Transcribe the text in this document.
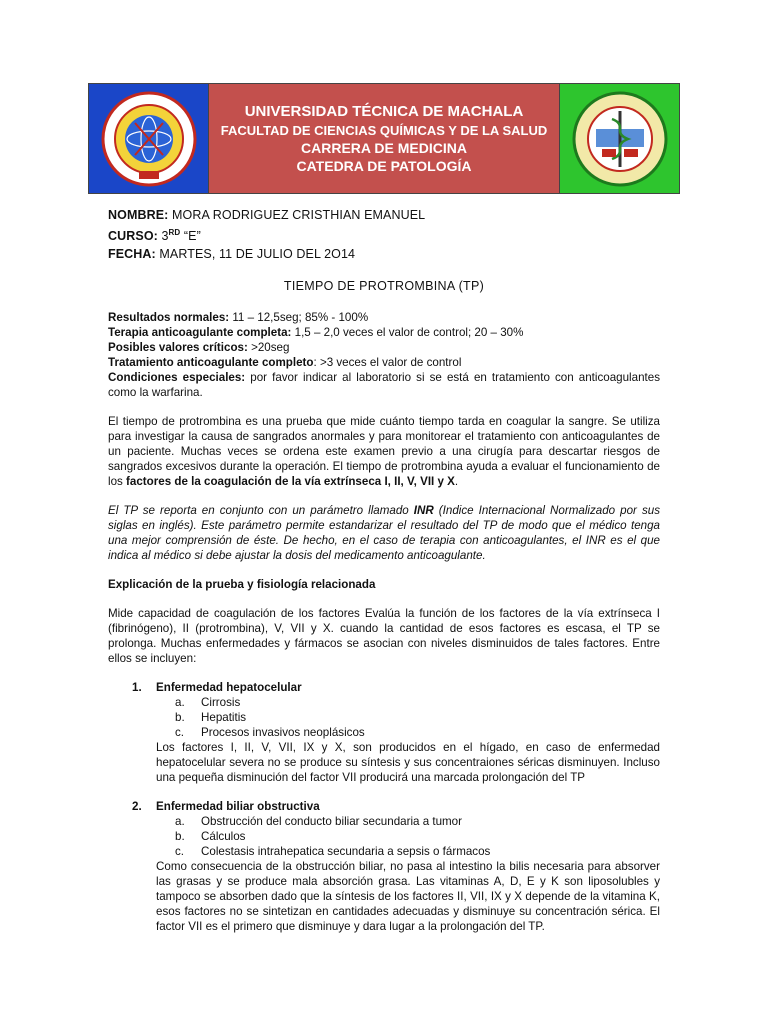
UNIVERSIDAD TÉCNICA DE MACHALA
FACULTAD DE CIENCIAS QUÍMICAS Y DE LA SALUD
CARRERA DE MEDICINA
CATEDRA DE PATOLOGÍA
NOMBRE: MORA RODRIGUEZ CRISTHIAN EMANUEL
CURSO: 3RD “E”
FECHA: MARTES, 11 DE JULIO DEL 2O14
TIEMPO DE PROTROMBINA (TP)

Resultados normales: 11 – 12,5seg; 85% - 100%

Terapia anticoagulante completa: 1,5 – 2,0 veces el valor de control; 20 – 30%

Posibles valores críticos: >20seg

Tratamiento anticoagulante completo: >3 veces el valor de control

Condiciones especiales: por favor indicar al laboratorio si se está en tratamiento con anticoagulantes como la warfarina.

El tiempo de protrombina es una prueba que mide cuánto tiempo tarda en coagular la sangre. Se utiliza para investigar la causa de sangrados anormales y para monitorear el tratamiento con anticoagulantes de un paciente. Muchas veces se ordena este examen previo a una cirugía para descartar riesgos de sangrados excesivos durante la operación. El tiempo de protrombina ayuda a evaluar el funcionamiento de los factores de la coagulación de la vía extrínseca I, II, V, VII y X.

El TP se reporta en conjunto con un parámetro llamado INR (Indice Internacional Normalizado por sus siglas en inglés). Este parámetro permite estandarizar el resultado del TP de modo que el médico tenga una mejor comprensión de éste. De hecho, en el caso de terapia con anticoagulantes, el INR es el que indica al médico si debe ajustar la dosis del medicamento anticoagulante.

Explicación de la prueba y fisiología relacionada

Mide capacidad de coagulación de los factores Evalúa la función de los factores de la vía extrínseca I (fibrinógeno), II (protrombina), V, VII y X. cuando la cantidad de esos factores es escasa, el TP se prolonga. Muchas enfermedades y fármacos se asocian con niveles disminuidos de tales factores. Entre ellos se incluyen:

1.	Enfermedad hepatocelular
a.	Cirrosis
b.	Hepatitis
c.	Procesos invasivos neoplásicos

Los factores I, II, V, VII, IX y X, son producidos en el hígado, en caso de enfermedad hepatocelular severa no se produce su síntesis y sus concentraiones séricas disminuyen. Incluso una pequeña disminución del factor VII producirá una marcada prolongación del TP

2.	Enfermedad biliar obstructiva
a.	Obstrucción del conducto biliar secundaria a tumor
b.	Cálculos
c.	Colestasis intrahepatica secundaria a sepsis o fármacos

Como consecuencia de la obstrucción biliar, no pasa al intestino la bilis necesaria para absorver las grasas y se produce mala absorción grasa. Las vitaminas A, D, E y K son liposolubles y tampoco se absorben dado que la síntesis de los factores II, VII, IX y X depende de la vitamina K, esos factores no se sintetizan en cantidades adecuadas y disminuye su concentración sérica. El factor VII es el primero que disminuye y dara lugar a la prolongación del TP.
